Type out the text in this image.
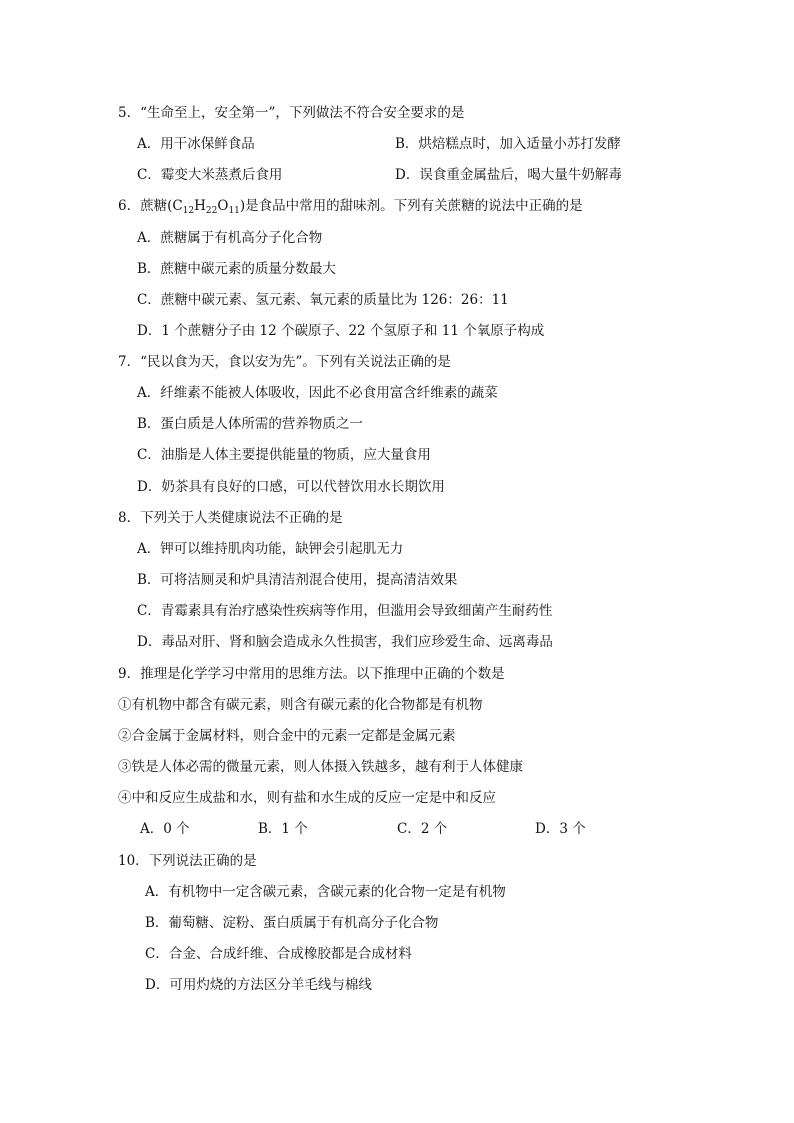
5．“生命至上，安全第一”，下列做法不符合安全要求的是
A．用干冰保鲜食品	B．烘焙糕点时，加入适量小苏打发酵
C．霉变大米蒸煮后食用	D．误食重金属盐后，喝大量牛奶解毒
6．蔗糖$(C_{12}H_{22}O_{11})$是食品中常用的甜味剂。下列有关蔗糖的说法中正确的是
A．蔗糖属于有机高分子化合物
B．蔗糖中碳元素的质量分数最大
C．蔗糖中碳元素、氢元素、氧元素的质量比为 126：26：11
D．1 个蔗糖分子由 12 个碳原子、22 个氢原子和 11 个氧原子构成
7．“民以食为天，食以安为先”。下列有关说法正确的是
A．纤维素不能被人体吸收，因此不必食用富含纤维素的蔬菜
B．蛋白质是人体所需的营养物质之一
C．油脂是人体主要提供能量的物质，应大量食用
D．奶茶具有良好的口感，可以代替饮用水长期饮用
8．下列关于人类健康说法不正确的是
A．钾可以维持肌肉功能，缺钾会引起肌无力
B．可将洁厕灵和炉具清洁剂混合使用，提高清洁效果
C．青霉素具有治疗感染性疾病等作用，但滥用会导致细菌产生耐药性
D．毒品对肝、肾和脑会造成永久性损害，我们应珍爱生命、远离毒品
9．推理是化学学习中常用的思维方法。以下推理中正确的个数是
①有机物中都含有碳元素，则含有碳元素的化合物都是有机物
②合金属于金属材料，则合金中的元素一定都是金属元素
③铁是人体必需的微量元素，则人体摄入铁越多，越有利于人体健康
④中和反应生成盐和水，则有盐和水生成的反应一定是中和反应
A．0 个	B．1 个	C．2 个	D．3 个
10．下列说法正确的是
A．有机物中一定含碳元素，含碳元素的化合物一定是有机物
B．葡萄糖、淀粉、蛋白质属于有机高分子化合物
C．合金、合成纤维、合成橡胶都是合成材料
D．可用灼烧的方法区分羊毛线与棉线
